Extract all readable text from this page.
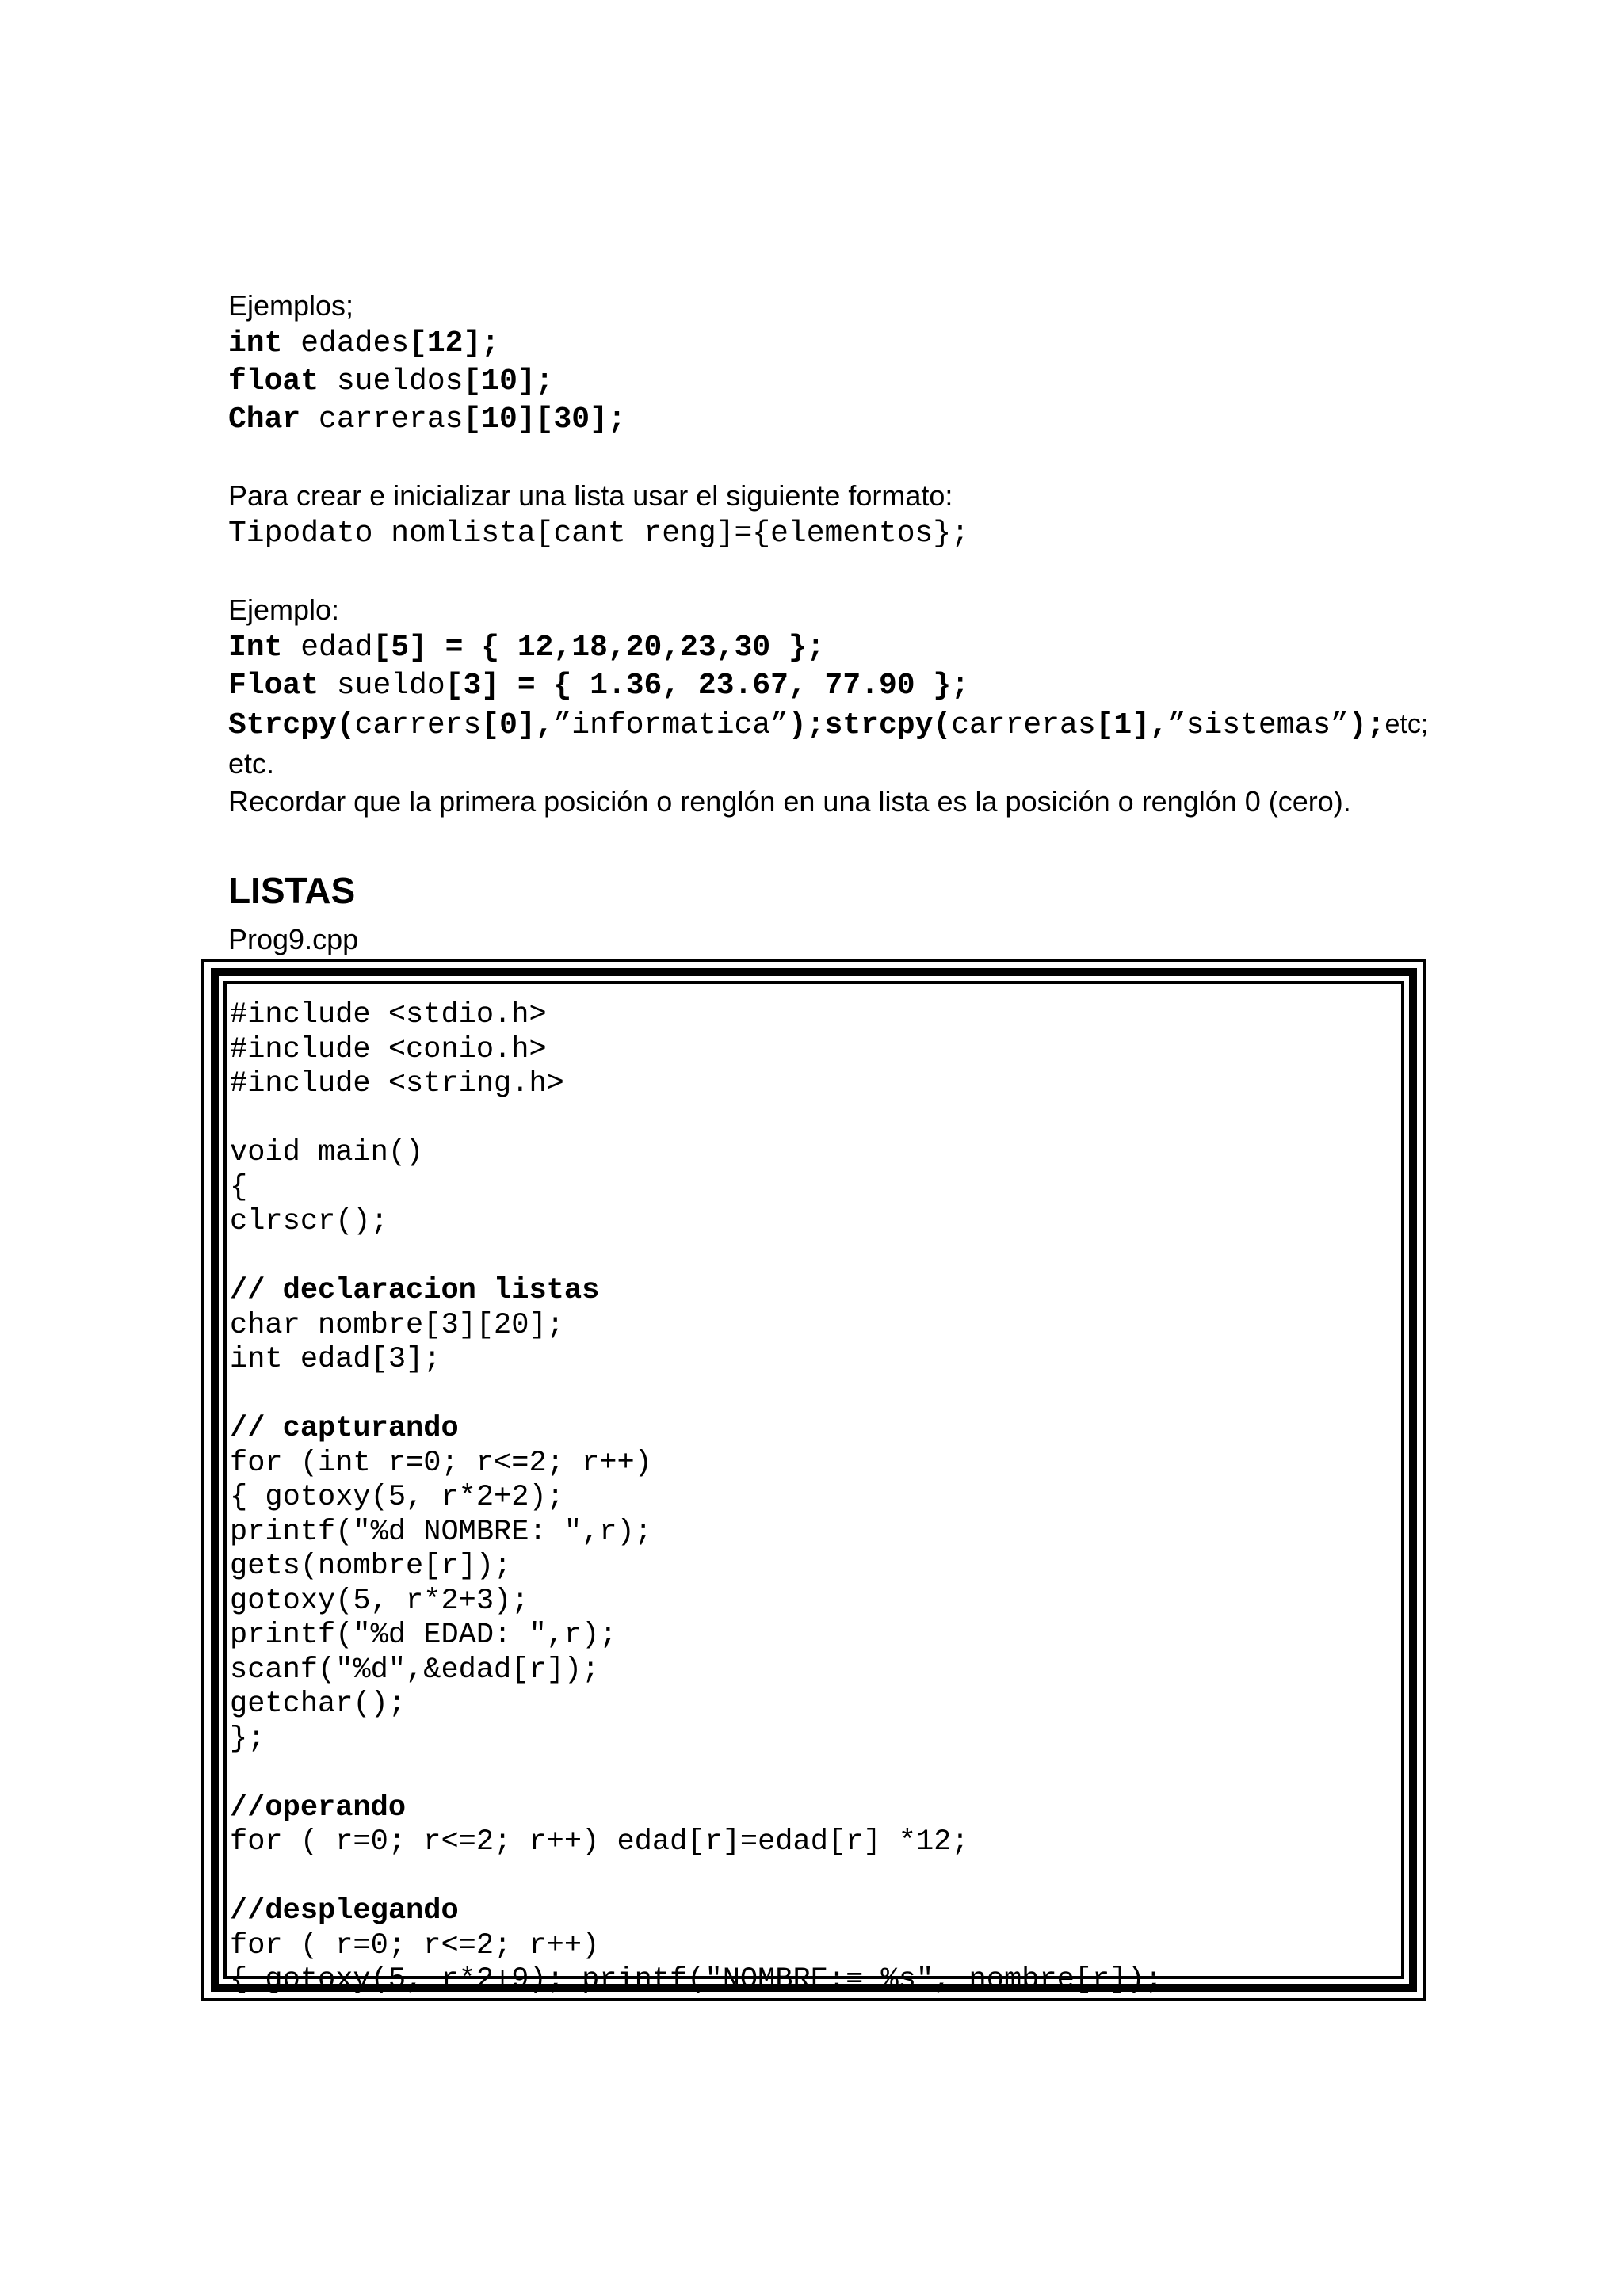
Ejemplos;

int edades[12];

float sueldos[10];

Char carreras[10][30];

Para crear e inicializar una lista usar el siguiente formato:

Tipodato nomlista[cant reng]={elementos};

Ejemplo:

Int edad[5] = { 12,18,20,23,30 };

Float sueldo[3] = { 1.36, 23.67, 77.90 };

Strcpy(carrers[0],”informatica”);strcpy(carreras[1],”sistemas”);etc;

etc.

Recordar que la primera posición o renglón en una lista es la posición o renglón 0 (cero).

LISTAS

Prog9.cpp

#include <stdio.h>

#include <conio.h>

#include <string.h>

void main()

{

clrscr();

// declaracion listas

char nombre[3][20];

int edad[3];

// capturando

for (int r=0; r<=2; r++)

{ gotoxy(5, r*2+2);

printf("%d NOMBRE: ",r);

gets(nombre[r]);

gotoxy(5, r*2+3);

printf("%d EDAD: ",r);

scanf("%d",&edad[r]);

getchar();

};

//operando

for ( r=0; r<=2; r++) edad[r]=edad[r] *12;

//desplegando

for ( r=0; r<=2; r++)

{ gotoxy(5, r*2+9); printf("NOMBRE:= %s", nombre[r]);
